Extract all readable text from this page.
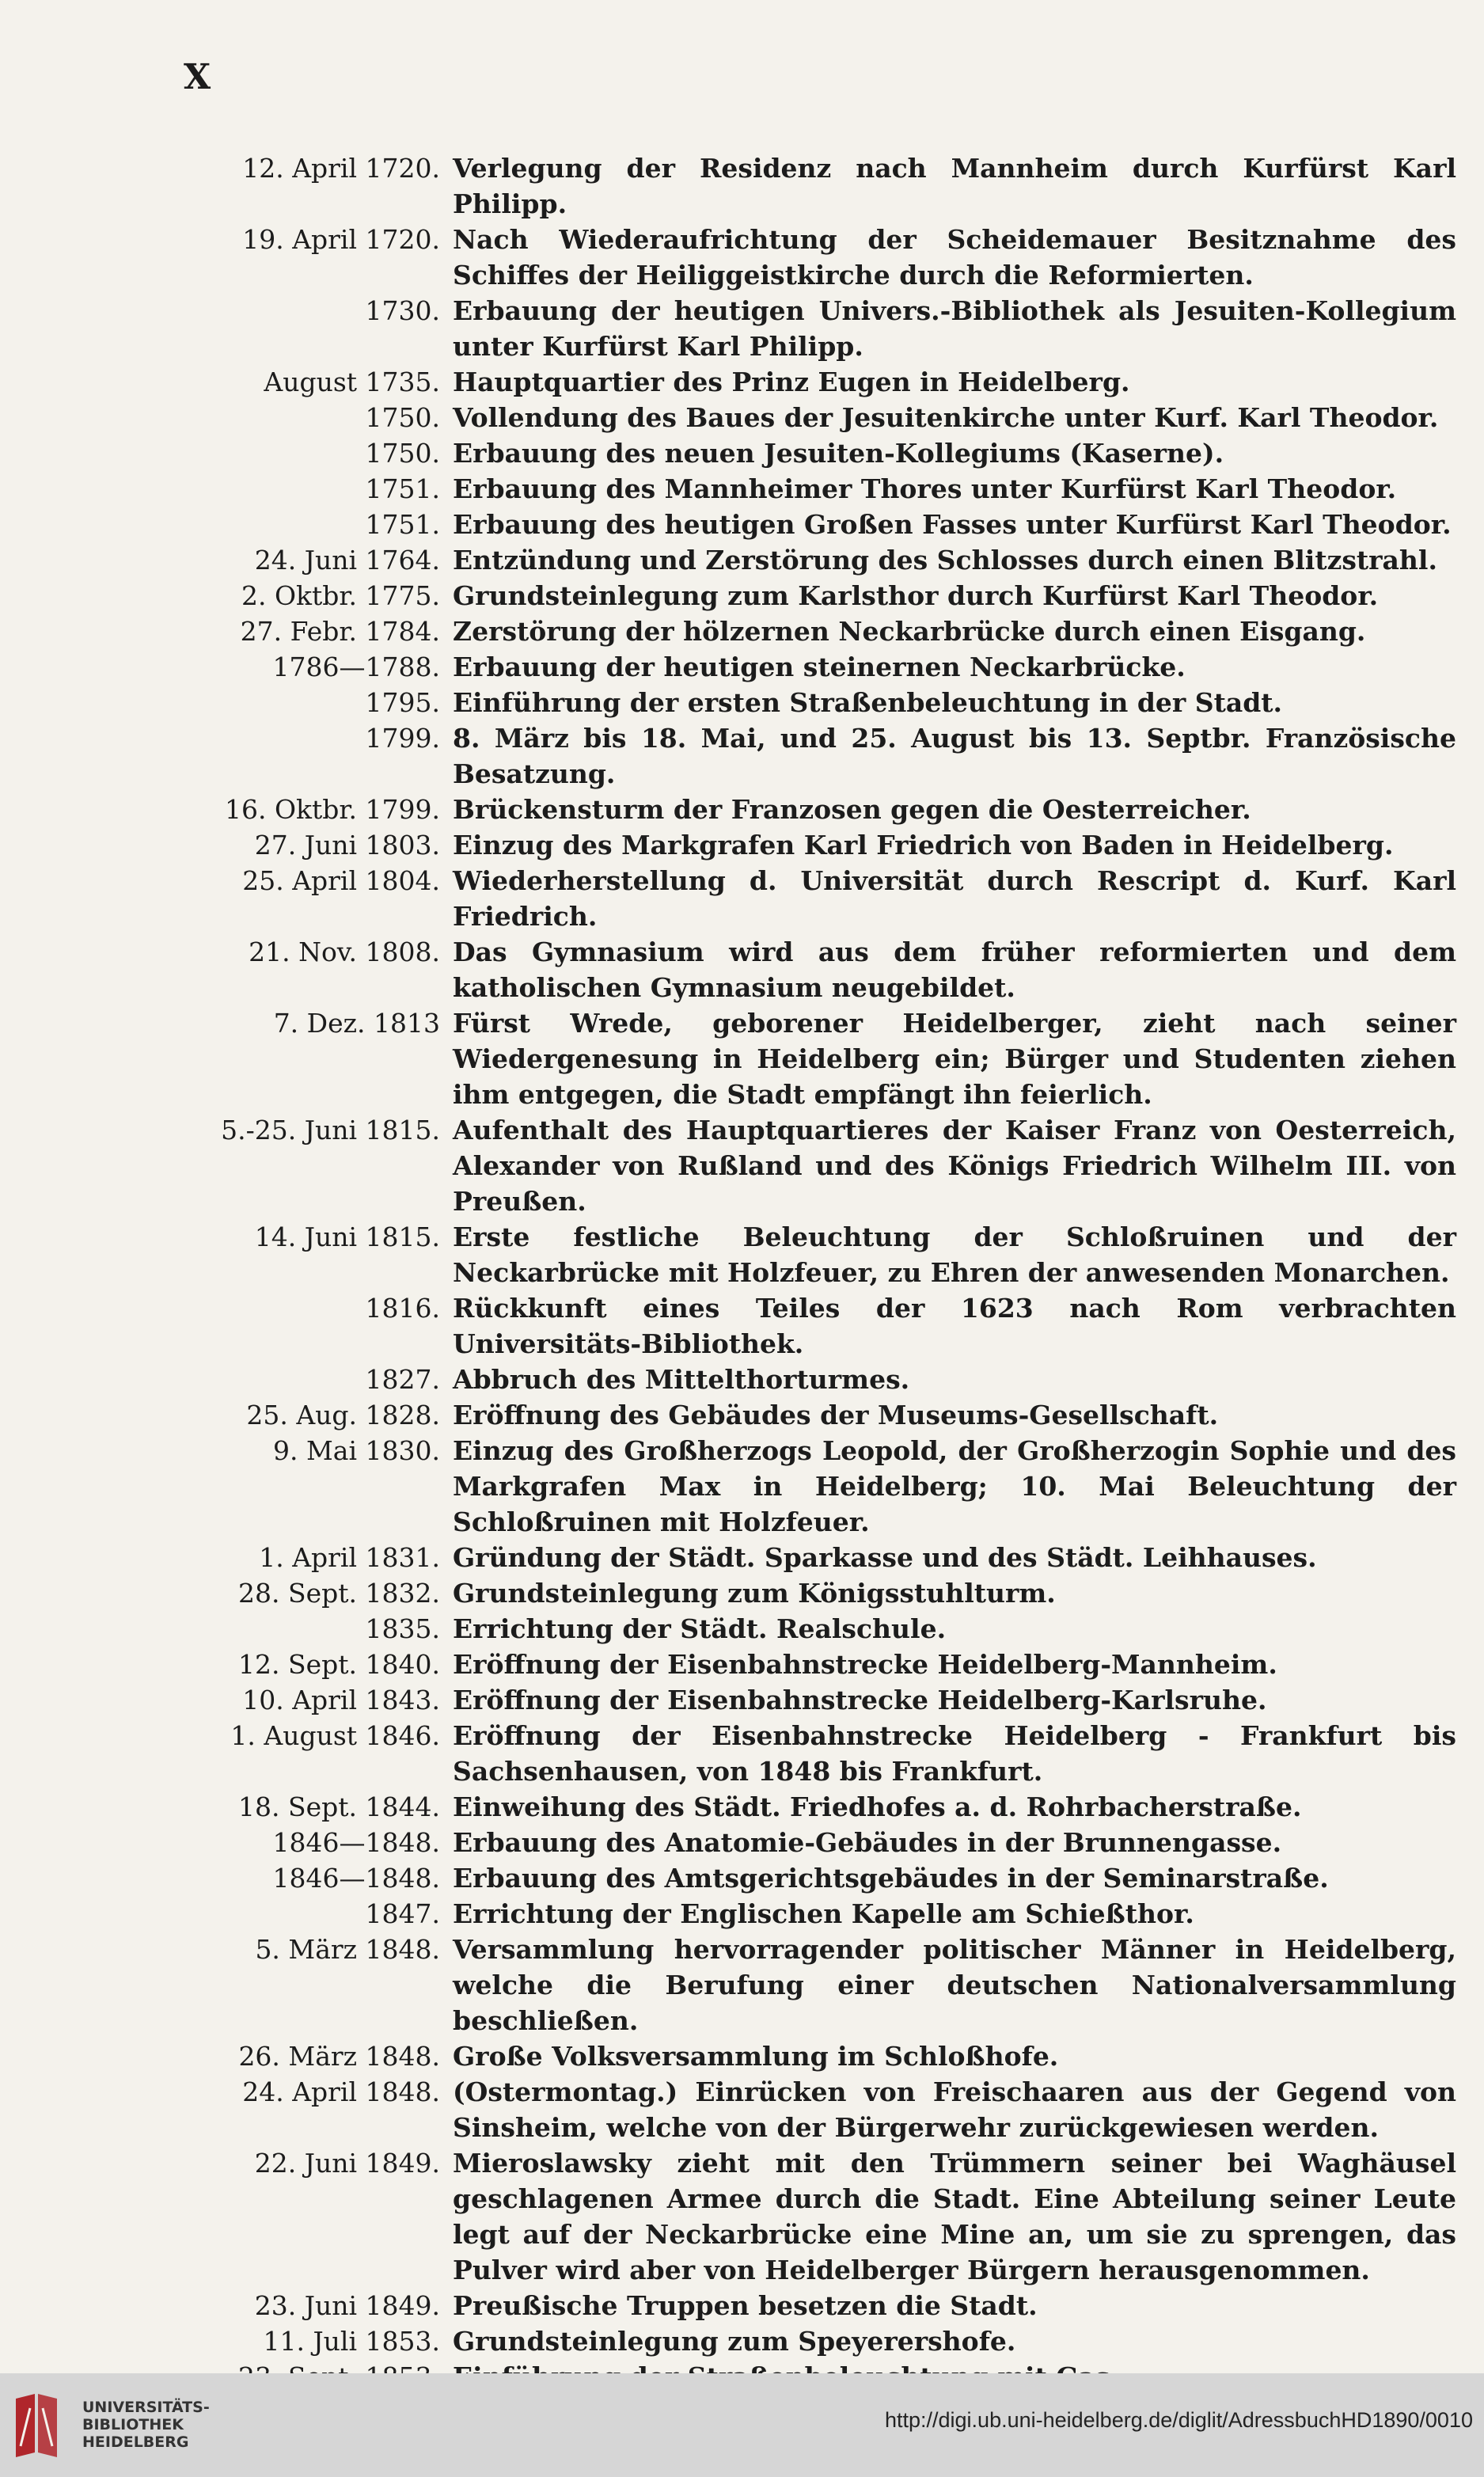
X
12. April 1720. Verlegung der Residenz nach Mannheim durch Kurfürst Karl Philipp.
19. April 1720. Nach Wiederaufrichtung der Scheidemauer Besitznahme des Schiffes der Heiliggeistkirche durch die Reformierten.
1730. Erbauung der heutigen Univers.-Bibliothek als Jesuiten-Kollegium unter Kurfürst Karl Philipp.
August 1735. Hauptquartier des Prinz Eugen in Heidelberg.
1750. Vollendung des Baues der Jesuitenkirche unter Kurf. Karl Theodor.
1750. Erbauung des neuen Jesuiten-Kollegiums (Kaserne).
1751. Erbauung des Mannheimer Thores unter Kurfürst Karl Theodor.
1751. Erbauung des heutigen Großen Fasses unter Kurfürst Karl Theodor.
24. Juni 1764. Entzündung und Zerstörung des Schlosses durch einen Blitzstrahl.
2. Oktbr. 1775. Grundsteinlegung zum Karlsthor durch Kurfürst Karl Theodor.
27. Febr. 1784. Zerstörung der hölzernen Neckarbrücke durch einen Eisgang.
1786—1788. Erbauung der heutigen steinernen Neckarbrücke.
1795. Einführung der ersten Straßenbeleuchtung in der Stadt.
1799. 8. März bis 18. Mai, und 25. August bis 13. Septbr. Französische Besatzung.
16. Oktbr. 1799. Brückensturm der Franzosen gegen die Oesterreicher.
27. Juni 1803. Einzug des Markgrafen Karl Friedrich von Baden in Heidelberg.
25. April 1804. Wiederherstellung d. Universität durch Rescript d. Kurf. Karl Friedrich.
21. Nov. 1808. Das Gymnasium wird aus dem früher reformierten und dem katholischen Gymnasium neugebildet.
7. Dez. 1813 Fürst Wrede, geborener Heidelberger, zieht nach seiner Wiedergenesung in Heidelberg ein; Bürger und Studenten ziehen ihm entgegen, die Stadt empfängt ihn feierlich.
5.-25. Juni 1815. Aufenthalt des Hauptquartieres der Kaiser Franz von Oesterreich, Alexander von Rußland und des Königs Friedrich Wilhelm III. von Preußen.
14. Juni 1815. Erste festliche Beleuchtung der Schloßruinen und der Neckarbrücke mit Holzfeuer, zu Ehren der anwesenden Monarchen.
1816. Rückkunft eines Teiles der 1623 nach Rom verbrachten Universitäts-Bibliothek.
1827. Abbruch des Mittelthorturmes.
25. Aug. 1828. Eröffnung des Gebäudes der Museums-Gesellschaft.
9. Mai 1830. Einzug des Großherzogs Leopold, der Großherzogin Sophie und des Markgrafen Max in Heidelberg; 10. Mai Beleuchtung der Schloßruinen mit Holzfeuer.
1. April 1831. Gründung der Städt. Sparkasse und des Städt. Leihhauses.
28. Sept. 1832. Grundsteinlegung zum Königsstuhlturm.
1835. Errichtung der Städt. Realschule.
12. Sept. 1840. Eröffnung der Eisenbahnstrecke Heidelberg-Mannheim.
10. April 1843. Eröffnung der Eisenbahnstrecke Heidelberg-Karlsruhe.
1. August 1846. Eröffnung der Eisenbahnstrecke Heidelberg - Frankfurt bis Sachsenhausen, von 1848 bis Frankfurt.
18. Sept. 1844. Einweihung des Städt. Friedhofes a. d. Rohrbacherstraße.
1846—1848. Erbauung des Anatomie-Gebäudes in der Brunnengasse.
1846—1848. Erbauung des Amtsgerichtsgebäudes in der Seminarstraße.
1847. Errichtung der Englischen Kapelle am Schießthor.
5. März 1848. Versammlung hervorragender politischer Männer in Heidelberg, welche die Berufung einer deutschen Nationalversammlung beschließen.
26. März 1848. Große Volksversammlung im Schloßhofe.
24. April 1848. (Ostermontag.) Einrücken von Freischaaren aus der Gegend von Sinsheim, welche von der Bürgerwehr zurückgewiesen werden.
22. Juni 1849. Mieroslawsky zieht mit den Trümmern seiner bei Waghäusel geschlagenen Armee durch die Stadt. Eine Abteilung seiner Leute legt auf der Neckarbrücke eine Mine an, um sie zu sprengen, das Pulver wird aber von Heidelberger Bürgern herausgenommen.
23. Juni 1849. Preußische Truppen besetzen die Stadt.
11. Juli 1853. Grundsteinlegung zum Speyerershofe.
UNIVERSITÄTS-
BIBLIOTHEK
HEIDELBERG
http://digi.ub.uni-heidelberg.de/diglit/AdressbuchHD1890/0010
